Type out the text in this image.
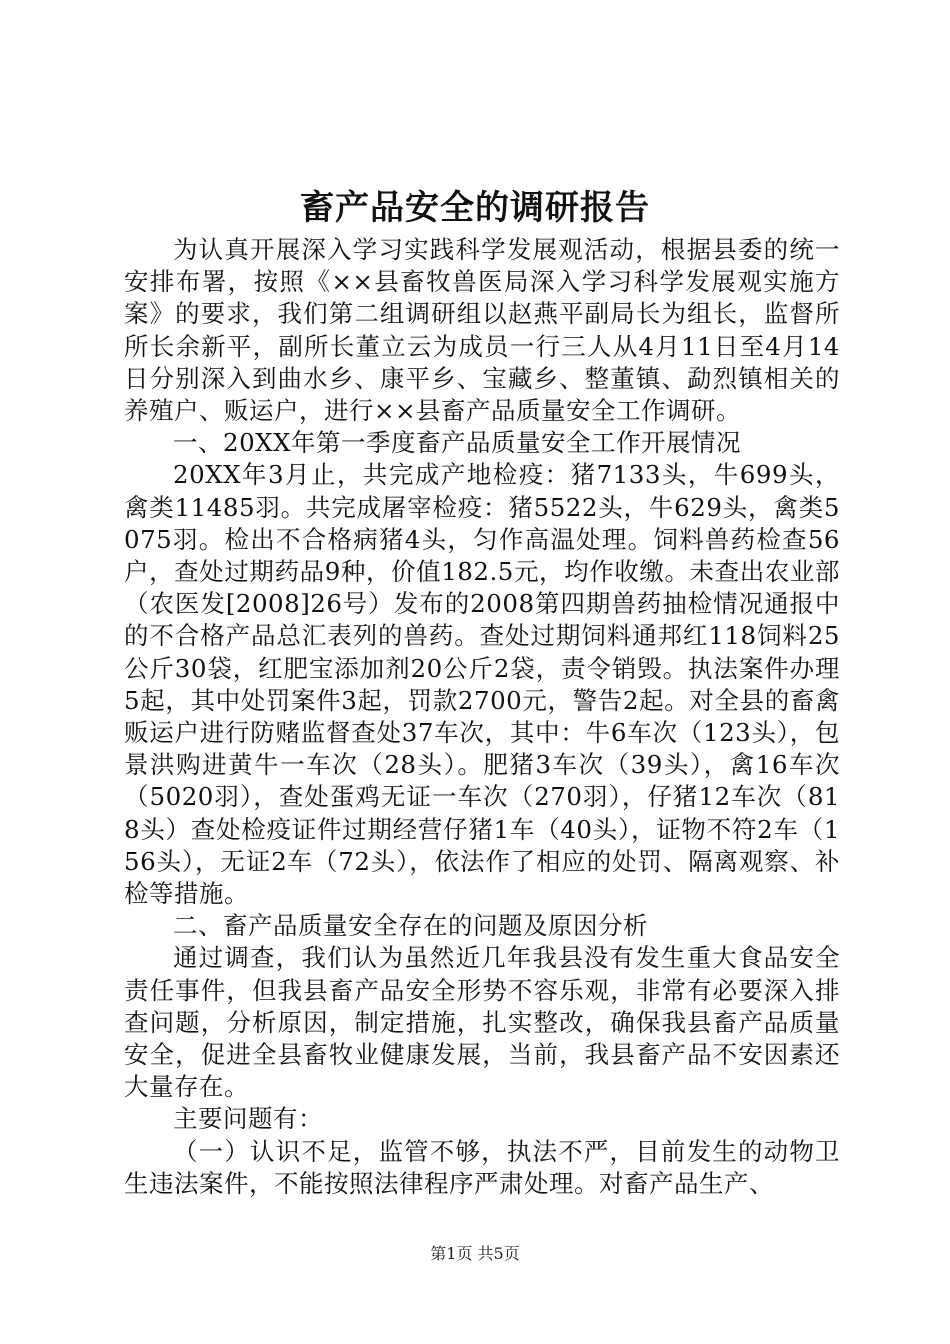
畜产品安全的调研报告

为认真开展深入学习实践科学发展观活动，根据县委的统一安排布署，按照《××县畜牧兽医局深入学习科学发展观实施方案》的要求，我们第二组调研组以赵燕平副局长为组长，监督所所长余新平，副所长董立云为成员一行三人从4月11日至4月14日分别深入到曲水乡、康平乡、宝藏乡、整董镇、勐烈镇相关的养殖户、贩运户，进行××县畜产品质量安全工作调研。

一、20XX年第一季度畜产品质量安全工作开展情况

20XX年3月止，共完成产地检疫：猪7133头，牛699头，禽类11485羽。共完成屠宰检疫：猪5522头，牛629头，禽类5075羽。检出不合格病猪4头，匀作高温处理。饲料兽药检查56户，查处过期药品9种，价值182.5元，均作收缴。未查出农业部（农医发[2008]26号）发布的2008第四期兽药抽检情况通报中的不合格产品总汇表列的兽药。查处过期饲料通邦红118饲料25公斤30袋，红肥宝添加剂20公斤2袋，责令销毁。执法案件办理5起，其中处罚案件3起，罚款2700元，警告2起。对全县的畜禽贩运户进行防赌监督查处37车次，其中：牛6车次（123头），包景洪购进黄牛一车次（28头）。肥猪3车次（39头），禽16车次（5020羽），查处蛋鸡无证一车次（270羽），仔猪12车次（818头）查处检疫证件过期经营仔猪1车（40头），证物不符2车（156头），无证2车（72头），依法作了相应的处罚、隔离观察、补检等措施。

二、畜产品质量安全存在的问题及原因分析

通过调查，我们认为虽然近几年我县没有发生重大食品安全责任事件，但我县畜产品安全形势不容乐观，非常有必要深入排查问题，分析原因，制定措施，扎实整改，确保我县畜产品质量安全，促进全县畜牧业健康发展，当前，我县畜产品不安因素还大量存在。

主要问题有：

（一）认识不足，监管不够，执法不严，目前发生的动物卫生违法案件，不能按照法律程序严肃处理。对畜产品生产、

第1页 共5页
